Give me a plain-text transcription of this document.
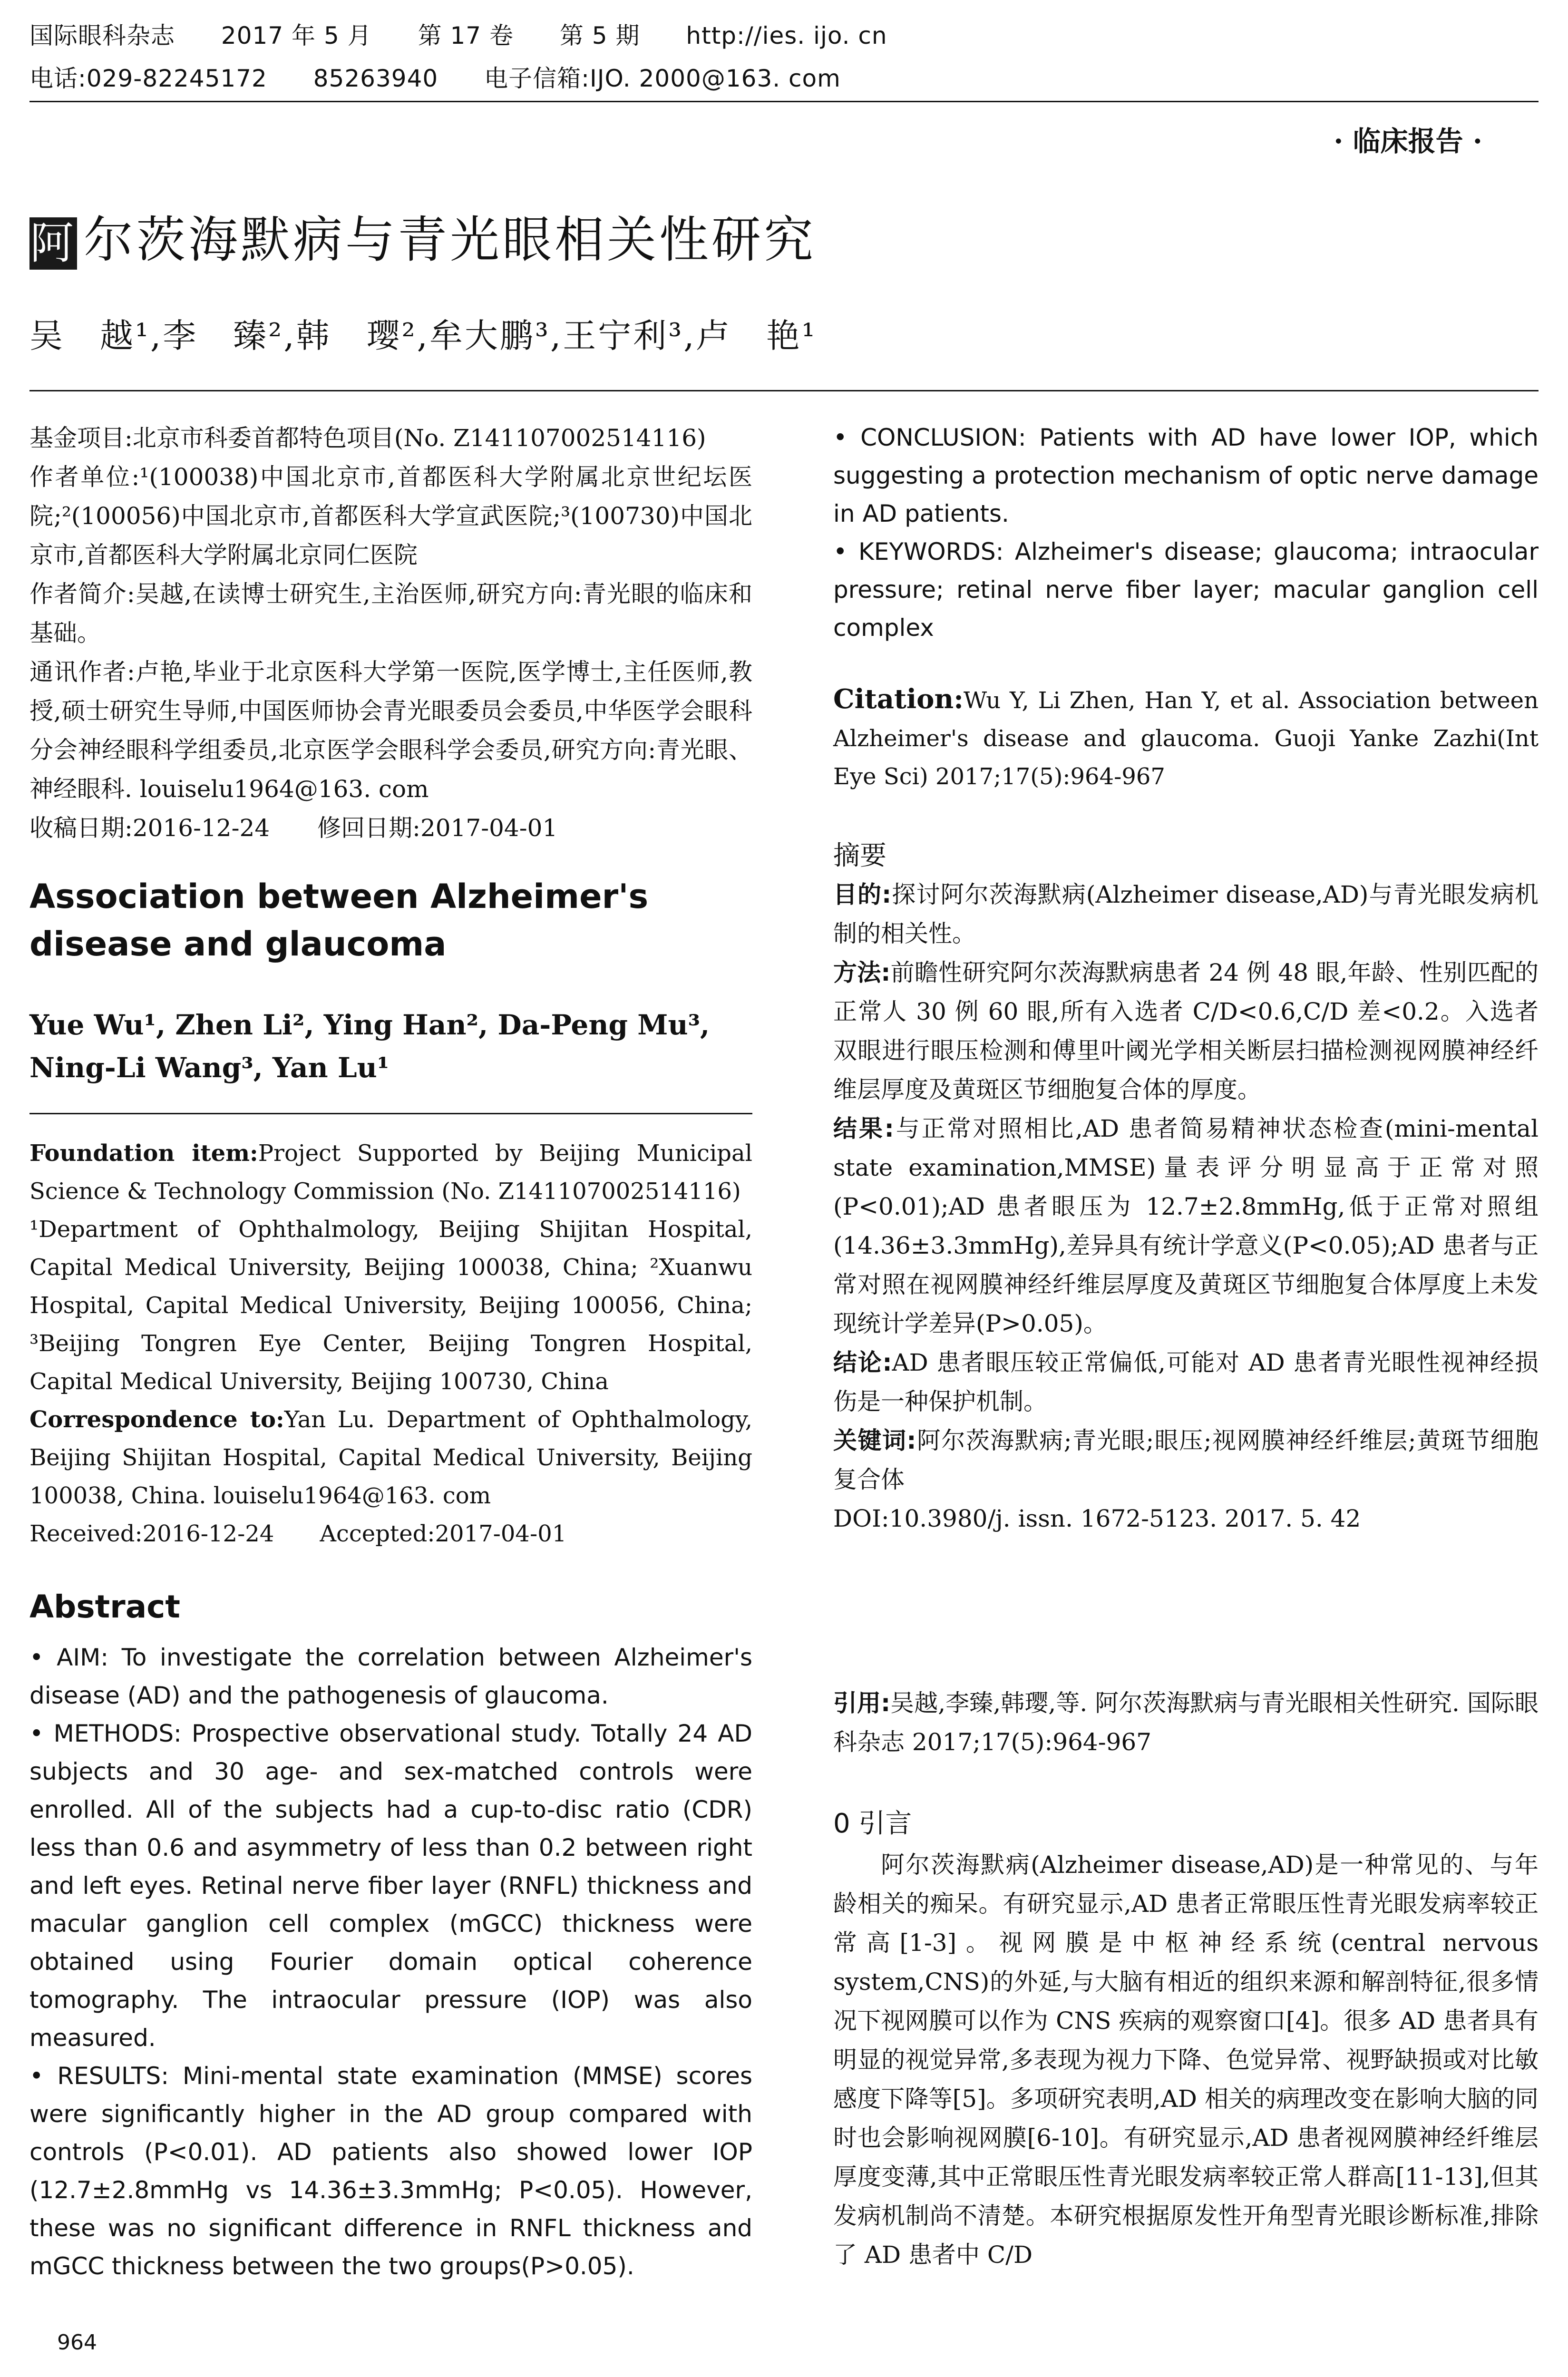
国际眼科杂志 2017 年 5 月 第 17 卷 第 5 期 http://ies. ijo. cn
电话:029-82245172 85263940 电子信箱:IJO. 2000@163. com
· 临床报告 ·
阿 尔茨海默病与青光眼相关性研究
吴　越¹,李　臻²,韩　璎²,牟大鹏³,王宁利³,卢　艳¹

基金项目:北京市科委首都特色项目(No. Z141107002514116)

作者单位:¹(100038)中国北京市,首都医科大学附属北京世纪坛医院;²(100056)中国北京市,首都医科大学宣武医院;³(100730)中国北京市,首都医科大学附属北京同仁医院

作者简介:吴越,在读博士研究生,主治医师,研究方向:青光眼的临床和基础。

通讯作者:卢艳,毕业于北京医科大学第一医院,医学博士,主任医师,教授,硕士研究生导师,中国医师协会青光眼委员会委员,中华医学会眼科分会神经眼科学组委员,北京医学会眼科学会委员,研究方向:青光眼、神经眼科. louiselu1964@163. com

收稿日期:2016-12-24　　修回日期:2017-04-01

Association between Alzheimer's disease and glaucoma
Yue Wu¹, Zhen Li², Ying Han², Da-Peng Mu³, Ning-Li Wang³, Yan Lu¹
Foundation item:Project Supported by Beijing Municipal Science & Technology Commission (No. Z141107002514116)
¹Department of Ophthalmology, Beijing Shijitan Hospital, Capital Medical University, Beijing 100038, China; ²Xuanwu Hospital, Capital Medical University, Beijing 100056, China; ³Beijing Tongren Eye Center, Beijing Tongren Hospital, Capital Medical University, Beijing 100730, China
Correspondence to:Yan Lu. Department of Ophthalmology, Beijing Shijitan Hospital, Capital Medical University, Beijing 100038, China. louiselu1964@163. com
Received:2016-12-24　　Accepted:2017-04-01
Abstract
• AIM: To investigate the correlation between Alzheimer's disease (AD) and the pathogenesis of glaucoma.
• METHODS: Prospective observational study. Totally 24 AD subjects and 30 age- and sex-matched controls were enrolled. All of the subjects had a cup-to-disc ratio (CDR) less than 0.6 and asymmetry of less than 0.2 between right and left eyes. Retinal nerve fiber layer (RNFL) thickness and macular ganglion cell complex (mGCC) thickness were obtained using Fourier domain optical coherence tomography. The intraocular pressure (IOP) was also measured.
• RESULTS: Mini-mental state examination (MMSE) scores were significantly higher in the AD group compared with controls (P<0.01). AD patients also showed lower IOP (12.7±2.8mmHg vs 14.36±3.3mmHg; P<0.05). However, these was no significant difference in RNFL thickness and mGCC thickness between the two groups(P>0.05).
964
• CONCLUSION: Patients with AD have lower IOP, which suggesting a protection mechanism of optic nerve damage in AD patients.
• KEYWORDS: Alzheimer's disease; glaucoma; intraocular pressure; retinal nerve fiber layer; macular ganglion cell complex
Citation:Wu Y, Li Zhen, Han Y, et al. Association between Alzheimer's disease and glaucoma. Guoji Yanke Zazhi(Int Eye Sci) 2017;17(5):964-967
摘要

目的:探讨阿尔茨海默病(Alzheimer disease,AD)与青光眼发病机制的相关性。

方法:前瞻性研究阿尔茨海默病患者 24 例 48 眼,年龄、性别匹配的正常人 30 例 60 眼,所有入选者 C/D<0.6,C/D 差<0.2。入选者双眼进行眼压检测和傅里叶阈光学相关断层扫描检测视网膜神经纤维层厚度及黄斑区节细胞复合体的厚度。

结果:与正常对照相比,AD 患者简易精神状态检查(mini-mental state examination,MMSE)量表评分明显高于正常对照(P<0.01);AD 患者眼压为 12.7±2.8mmHg,低于正常对照组(14.36±3.3mmHg),差异具有统计学意义(P<0.05);AD 患者与正常对照在视网膜神经纤维层厚度及黄斑区节细胞复合体厚度上未发现统计学差异(P>0.05)。

结论:AD 患者眼压较正常偏低,可能对 AD 患者青光眼性视神经损伤是一种保护机制。

关键词:阿尔茨海默病;青光眼;眼压;视网膜神经纤维层;黄斑节细胞复合体

DOI:10.3980/j. issn. 1672-5123. 2017. 5. 42

引用:吴越,李臻,韩璎,等. 阿尔茨海默病与青光眼相关性研究. 国际眼科杂志 2017;17(5):964-967
0 引言
阿尔茨海默病(Alzheimer disease,AD)是一种常见的、与年龄相关的痴呆。有研究显示,AD 患者正常眼压性青光眼发病率较正常高[1-3]。视网膜是中枢神经系统(central nervous system,CNS)的外延,与大脑有相近的组织来源和解剖特征,很多情况下视网膜可以作为 CNS 疾病的观察窗口[4]。很多 AD 患者具有明显的视觉异常,多表现为视力下降、色觉异常、视野缺损或对比敏感度下降等[5]。多项研究表明,AD 相关的病理改变在影响大脑的同时也会影响视网膜[6-10]。有研究显示,AD 患者视网膜神经纤维层厚度变薄,其中正常眼压性青光眼发病率较正常人群高[11-13],但其发病机制尚不清楚。本研究根据原发性开角型青光眼诊断标准,排除了 AD 患者中 C/D
